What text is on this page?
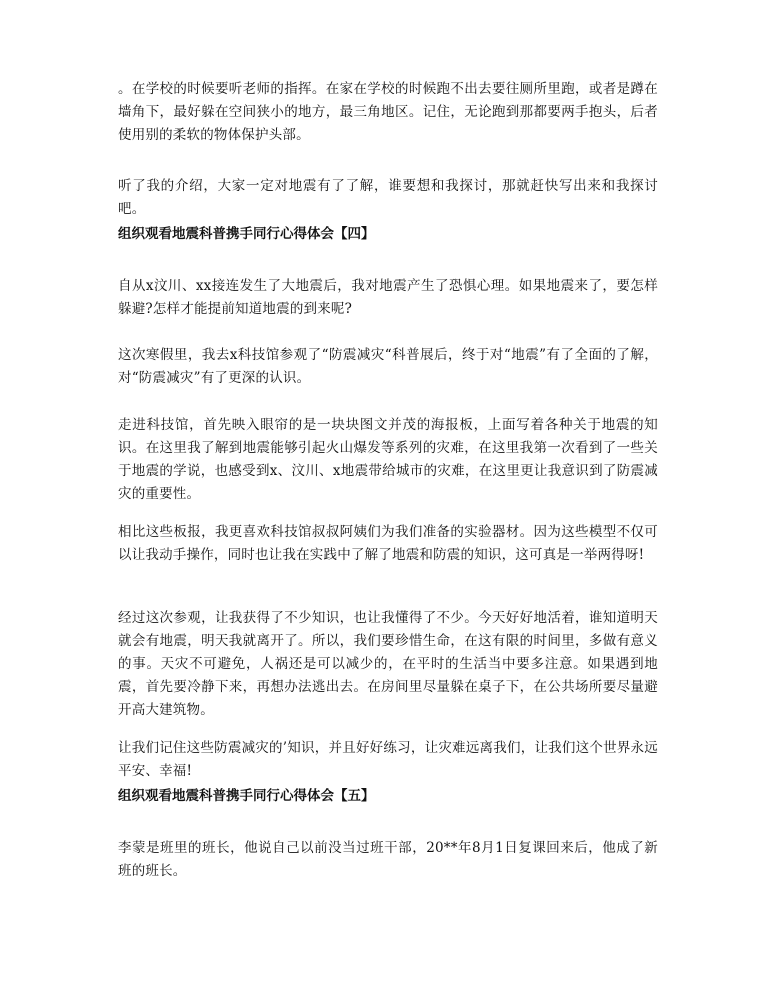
。在学校的时候要听老师的指挥。在家在学校的时候跑不出去要往厕所里跑，或者是蹲在墙角下，最好躲在空间狭小的地方，最三角地区。记住，无论跑到那都要两手抱头，后者使用别的柔软的物体保护头部。

听了我的介绍，大家一定对地震有了了解，谁要想和我探讨，那就赶快写出来和我探讨吧。

组织观看地震科普携手同行心得体会【四】

自从x汶川、xx接连发生了大地震后，我对地震产生了恐惧心理。如果地震来了，要怎样躲避?怎样才能提前知道地震的到来呢?

这次寒假里，我去x科技馆参观了“防震减灾“科普展后，终于对“地震”有了全面的了解，对“防震减灾”有了更深的认识。

走进科技馆，首先映入眼帘的是一块块图文并茂的海报板，上面写着各种关于地震的知识。在这里我了解到地震能够引起火山爆发等系列的灾难，在这里我第一次看到了一些关于地震的学说，也感受到x、汶川、x地震带给城市的灾难，在这里更让我意识到了防震减灾的重要性。

相比这些板报，我更喜欢科技馆叔叔阿姨们为我们准备的实验器材。因为这些模型不仅可以让我动手操作，同时也让我在实践中了解了地震和防震的知识，这可真是一举两得呀!

经过这次参观，让我获得了不少知识，也让我懂得了不少。今天好好地活着，谁知道明天就会有地震，明天我就离开了。所以，我们要珍惜生命，在这有限的时间里，多做有意义的事。天灾不可避免，人祸还是可以减少的，在平时的生活当中要多注意。如果遇到地震，首先要冷静下来，再想办法逃出去。在房间里尽量躲在桌子下，在公共场所要尽量避开高大建筑物。

让我们记住这些防震减灾的’知识，并且好好练习，让灾难远离我们，让我们这个世界永远平安、幸福!

组织观看地震科普携手同行心得体会【五】

李蒙是班里的班长，他说自己以前没当过班干部，20**年8月1日复课回来后，他成了新班的班长。
